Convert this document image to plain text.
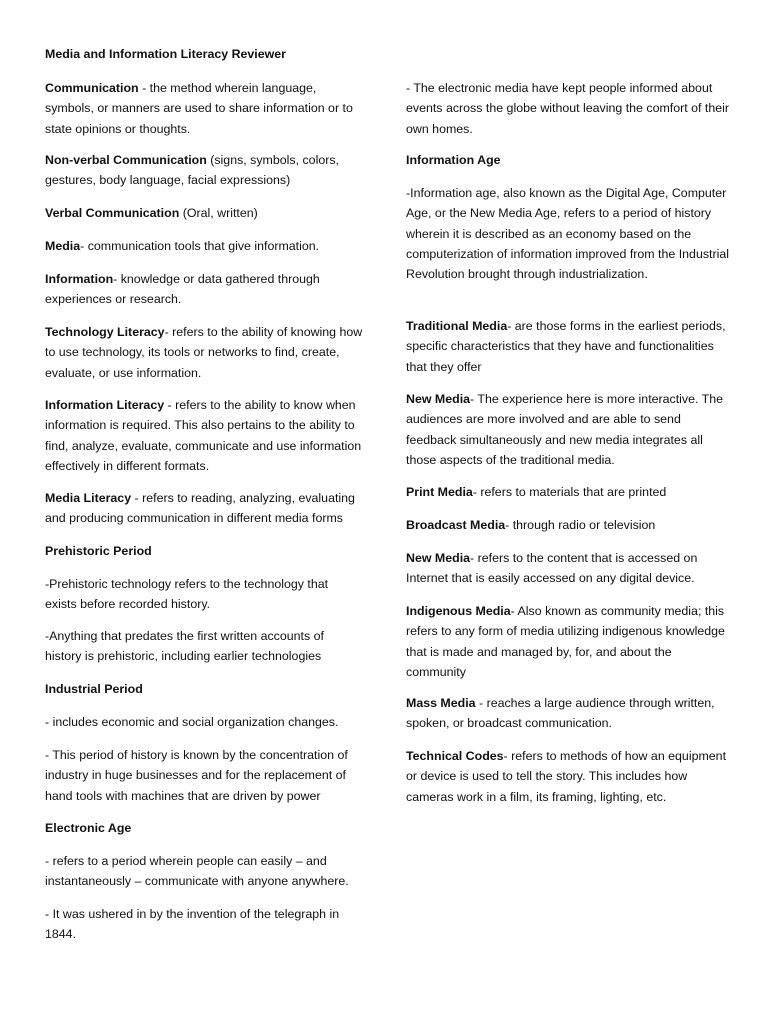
Media and Information Literacy Reviewer

Communication - the method wherein language, symbols, or manners are used to share information or to state opinions or thoughts.

Non-verbal Communication (signs, symbols, colors, gestures, body language, facial expressions)

Verbal Communication (Oral, written)

Media- communication tools that give information.

Information- knowledge or data gathered through experiences or research.

Technology Literacy- refers to the ability of knowing how to use technology, its tools or networks to find, create, evaluate, or use information.

Information Literacy - refers to the ability to know when information is required. This also pertains to the ability to find, analyze, evaluate, communicate and use information effectively in different formats.

Media Literacy - refers to reading, analyzing, evaluating and producing communication in different media forms

Prehistoric Period

-Prehistoric technology refers to the technology that exists before recorded history.

-Anything that predates the first written accounts of history is prehistoric, including earlier technologies

Industrial Period

- includes economic and social organization changes.

- This period of history is known by the concentration of industry in huge businesses and for the replacement of hand tools with machines that are driven by power

Electronic Age

- refers to a period wherein people can easily – and instantaneously – communicate with anyone anywhere.

- It was ushered in by the invention of the telegraph in 1844.

- The electronic media have kept people informed about events across the globe without leaving the comfort of their own homes.

Information Age

-Information age, also known as the Digital Age, Computer Age, or the New Media Age, refers to a period of history wherein it is described as an economy based on the computerization of information improved from the Industrial Revolution brought through industrialization.

Traditional Media- are those forms in the earliest periods, specific characteristics that they have and functionalities that they offer

New Media- The experience here is more interactive. The audiences are more involved and are able to send feedback simultaneously and new media integrates all those aspects of the traditional media.

Print Media- refers to materials that are printed

Broadcast Media- through radio or television

New Media- refers to the content that is accessed on Internet that is easily accessed on any digital device.

Indigenous Media- Also known as community media; this refers to any form of media utilizing indigenous knowledge that is made and managed by, for, and about the community

Mass Media - reaches a large audience through written, spoken, or broadcast communication.

Technical Codes- refers to methods of how an equipment or device is used to tell the story. This includes how cameras work in a film, its framing, lighting, etc.
